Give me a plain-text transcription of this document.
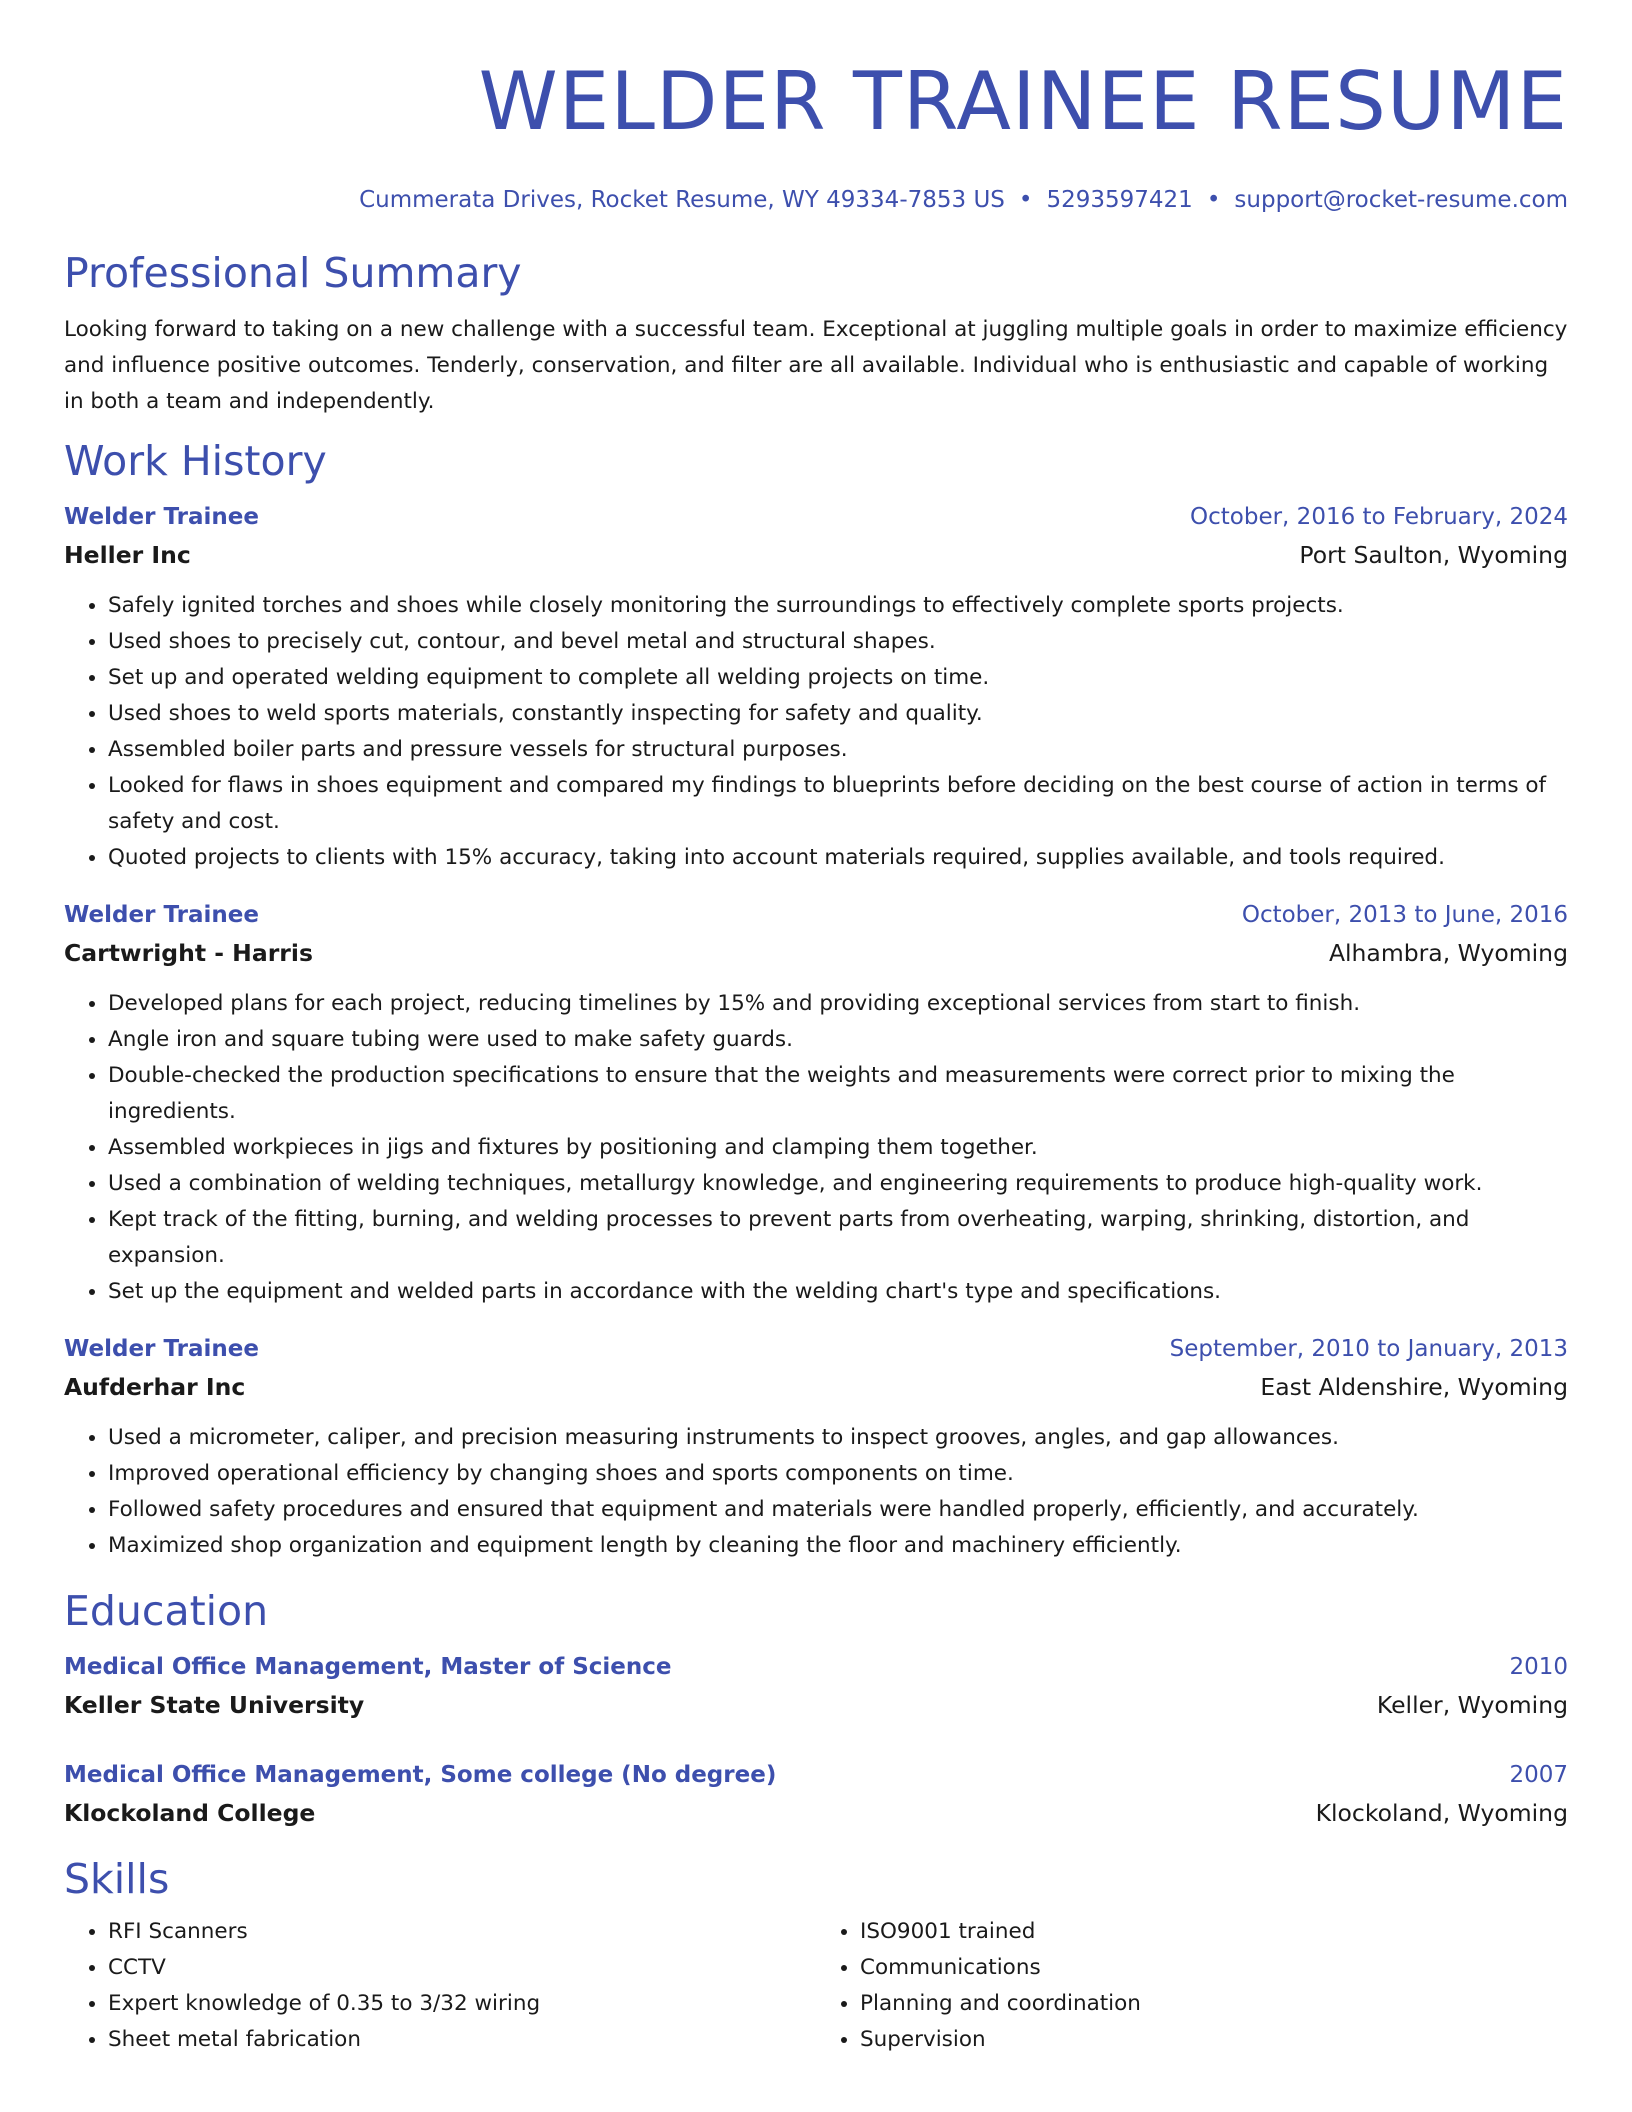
WELDER TRAINEE RESUME
Cummerata Drives, Rocket Resume, WY 49334-7853 US • 5293597421 • support@rocket-resume.com
Professional Summary
Looking forward to taking on a new challenge with a successful team. Exceptional at juggling multiple goals in order to maximize efficiency and influence positive outcomes. Tenderly, conservation, and filter are all available. Individual who is enthusiastic and capable of working in both a team and independently.
Work History
Welder Trainee	October, 2016 to February, 2024
Heller Inc	Port Saulton, Wyoming
• Safely ignited torches and shoes while closely monitoring the surroundings to effectively complete sports projects.
• Used shoes to precisely cut, contour, and bevel metal and structural shapes.
• Set up and operated welding equipment to complete all welding projects on time.
• Used shoes to weld sports materials, constantly inspecting for safety and quality.
• Assembled boiler parts and pressure vessels for structural purposes.
• Looked for flaws in shoes equipment and compared my findings to blueprints before deciding on the best course of action in terms of safety and cost.
• Quoted projects to clients with 15% accuracy, taking into account materials required, supplies available, and tools required.
Welder Trainee	October, 2013 to June, 2016
Cartwright - Harris	Alhambra, Wyoming
• Developed plans for each project, reducing timelines by 15% and providing exceptional services from start to finish.
• Angle iron and square tubing were used to make safety guards.
• Double-checked the production specifications to ensure that the weights and measurements were correct prior to mixing the ingredients.
• Assembled workpieces in jigs and fixtures by positioning and clamping them together.
• Used a combination of welding techniques, metallurgy knowledge, and engineering requirements to produce high-quality work.
• Kept track of the fitting, burning, and welding processes to prevent parts from overheating, warping, shrinking, distortion, and expansion.
• Set up the equipment and welded parts in accordance with the welding chart's type and specifications.
Welder Trainee	September, 2010 to January, 2013
Aufderhar Inc	East Aldenshire, Wyoming
• Used a micrometer, caliper, and precision measuring instruments to inspect grooves, angles, and gap allowances.
• Improved operational efficiency by changing shoes and sports components on time.
• Followed safety procedures and ensured that equipment and materials were handled properly, efficiently, and accurately.
• Maximized shop organization and equipment length by cleaning the floor and machinery efficiently.
Education
Medical Office Management, Master of Science	2010
Keller State University	Keller, Wyoming
Medical Office Management, Some college (No degree)	2007
Klockoland College	Klockoland, Wyoming
Skills
• RFI Scanners
• CCTV
• Expert knowledge of 0.35 to 3/32 wiring
• Sheet metal fabrication
• ISO9001 trained
• Communications
• Planning and coordination
• Supervision
